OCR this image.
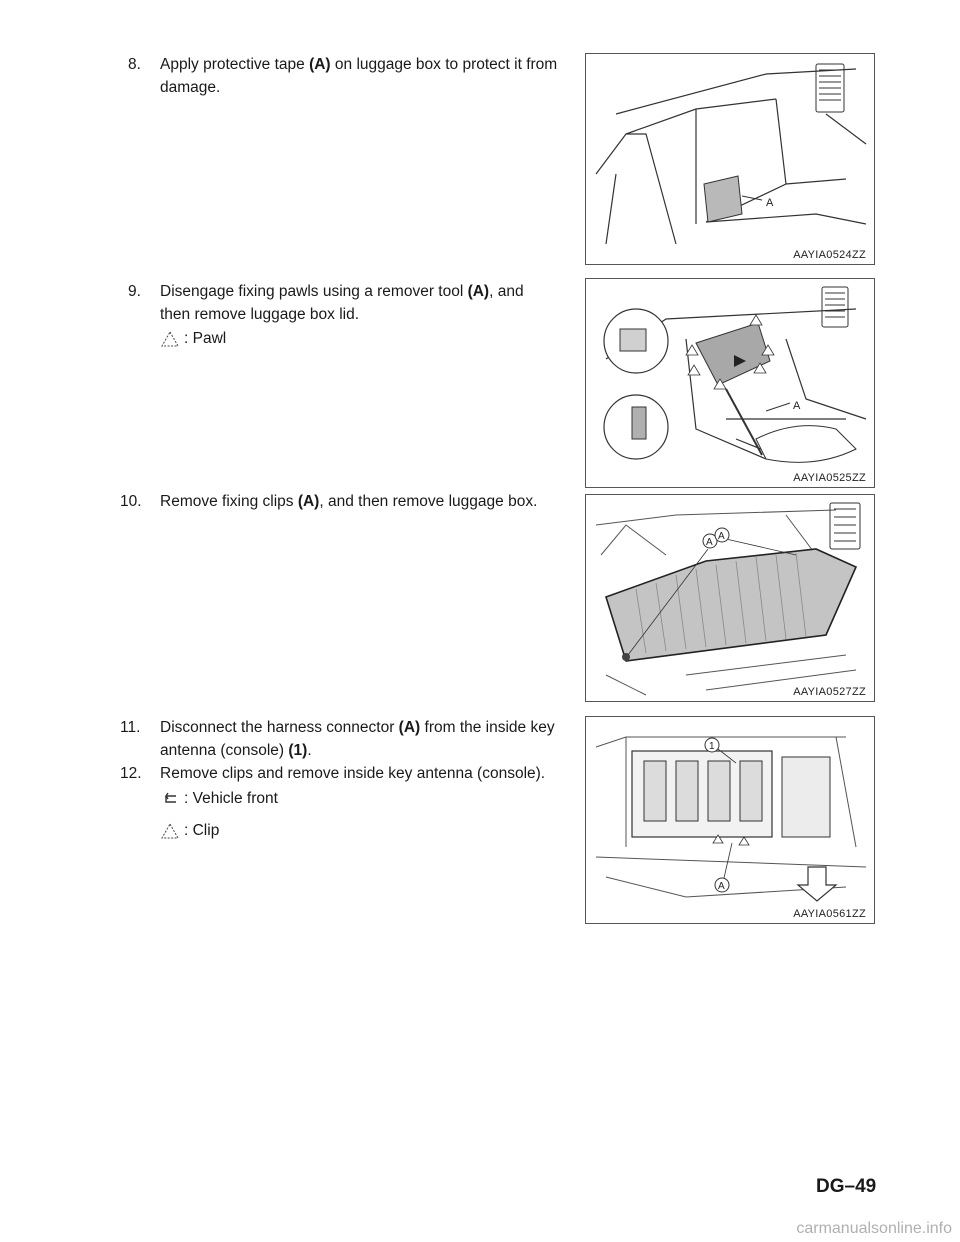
8.	Apply protective tape (A) on luggage box to protect it from damage.
9.	Disengage fixing pawls using a remover tool (A), and then remove luggage box lid.
: Pawl
10.	Remove fixing clips (A), and then remove luggage box.
11.	Disconnect the harness connector (A) from the inside key antenna (console) (1).
12.	Remove clips and remove inside key antenna (console).
: Vehicle front
: Clip
A
AAYIA0524ZZ
A
AAYIA0525ZZ
A
A
AAYIA0527ZZ
1
A
AAYIA0561ZZ
DG–49
carmanualsonline.info
